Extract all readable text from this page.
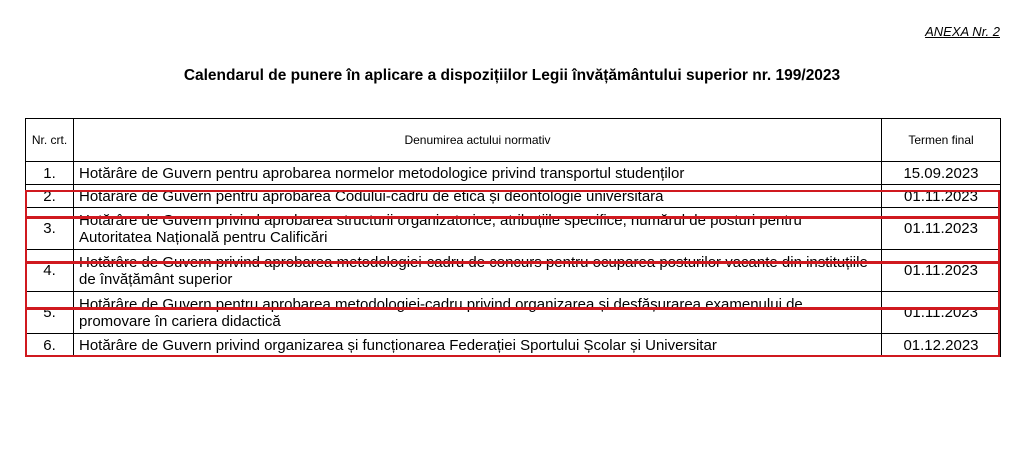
ANEXA Nr. 2
Calendarul de punere în aplicare a dispozițiilor Legii învățământului superior nr. 199/2023
Nr. crt.	Denumirea actului normativ	Termen final
1.	Hotărâre de Guvern pentru aprobarea normelor metodologice privind transportul studenților	15.09.2023
2.	Hotărâre de Guvern pentru aprobarea Codului-cadru de etică și deontologie universitară	01.11.2023
3.	Hotărâre de Guvern privind aprobarea structurii organizatorice, atribuțiile specifice, numărul de posturi pentru Autoritatea Națională pentru Calificări	01.11.2023
4.	Hotărâre de Guvern privind aprobarea metodologiei-cadru de concurs pentru ocuparea posturilor vacante din instituțiile de învățământ superior	01.11.2023
5.	Hotărâre de Guvern pentru aprobarea metodologiei-cadru privind organizarea și desfășurarea examenului de promovare în cariera didactică	01.11.2023
6.	Hotărâre de Guvern privind organizarea și funcționarea Federației Sportului Școlar și Universitar	01.12.2023
